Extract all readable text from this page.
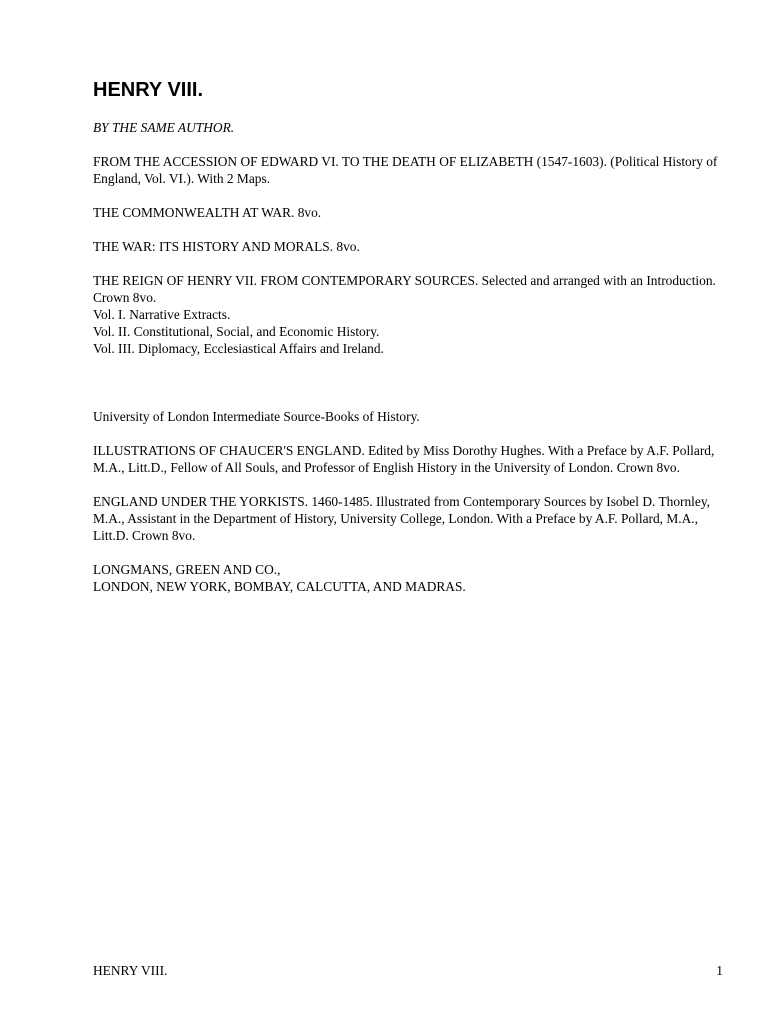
HENRY VIII.

BY THE SAME AUTHOR.

FROM THE ACCESSION OF EDWARD VI. TO THE DEATH OF ELIZABETH (1547-1603). (Political History of England, Vol. VI.). With 2 Maps.

THE COMMONWEALTH AT WAR. 8vo.

THE WAR: ITS HISTORY AND MORALS. 8vo.

THE REIGN OF HENRY VII. FROM CONTEMPORARY SOURCES. Selected and arranged with an Introduction. Crown 8vo.
Vol. I. Narrative Extracts.
Vol. II. Constitutional, Social, and Economic History.
Vol. III. Diplomacy, Ecclesiastical Affairs and Ireland.

University of London Intermediate Source-Books of History.

ILLUSTRATIONS OF CHAUCER'S ENGLAND. Edited by Miss Dorothy Hughes. With a Preface by A.F. Pollard, M.A., Litt.D., Fellow of All Souls, and Professor of English History in the University of London. Crown 8vo.

ENGLAND UNDER THE YORKISTS. 1460-1485. Illustrated from Contemporary Sources by Isobel D. Thornley, M.A., Assistant in the Department of History, University College, London. With a Preface by A.F. Pollard, M.A., Litt.D. Crown 8vo.

LONGMANS, GREEN AND CO.,
LONDON, NEW YORK, BOMBAY, CALCUTTA, AND MADRAS.
HENRY VIII.	1
